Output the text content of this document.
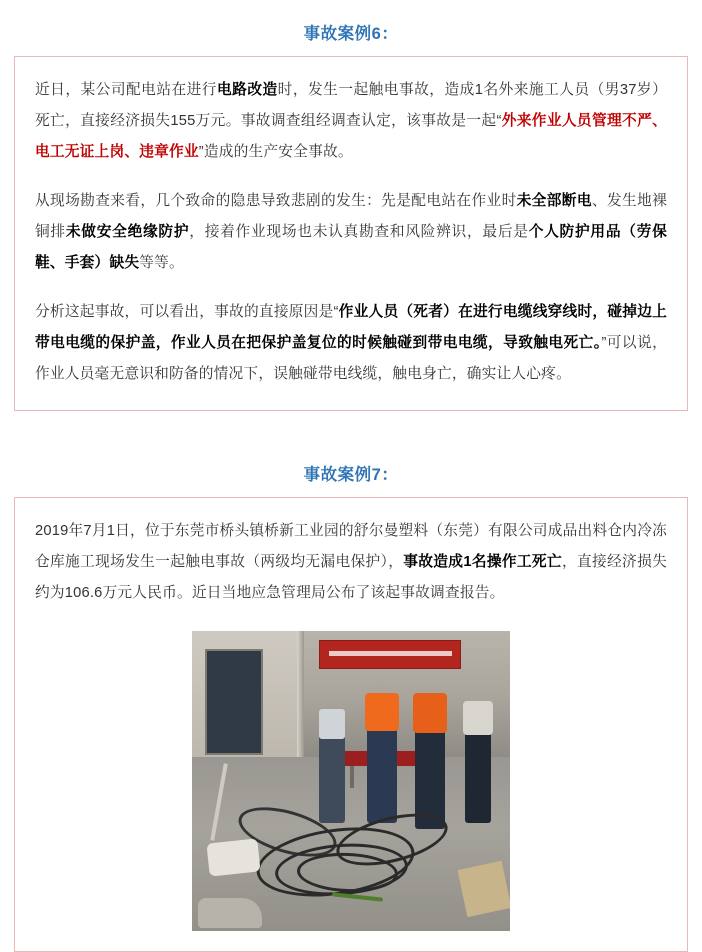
事故案例6：

近日，某公司配电站在进行电路改造时，发生一起触电事故，造成1名外来施工人员（男37岁）死亡，直接经济损失155万元。事故调查组经调查认定，该事故是一起“外来作业人员管理不严、电工无证上岗、违章作业”造成的生产安全事故。

从现场勘查来看，几个致命的隐患导致悲剧的发生：先是配电站在作业时未全部断电、发生地裸铜排未做安全绝缘防护，接着作业现场也未认真勘查和风险辨识，最后是个人防护用品（劳保鞋、手套）缺失等等。

分析这起事故，可以看出，事故的直接原因是“作业人员（死者）在进行电缆线穿线时，碰掉边上带电电缆的保护盖，作业人员在把保护盖复位的时候触碰到带电电缆，导致触电死亡。”可以说，作业人员毫无意识和防备的情况下，误触碰带电线缆，触电身亡，确实让人心疼。

事故案例7：

2019年7月1日，位于东莞市桥头镇桥新工业园的舒尔曼塑料（东莞）有限公司成品出料仓内冷冻仓库施工现场发生一起触电事故（两级均无漏电保护），事故造成1名操作工死亡，直接经济损失约为106.6万元人民币。近日当地应急管理局公布了该起事故调查报告。
